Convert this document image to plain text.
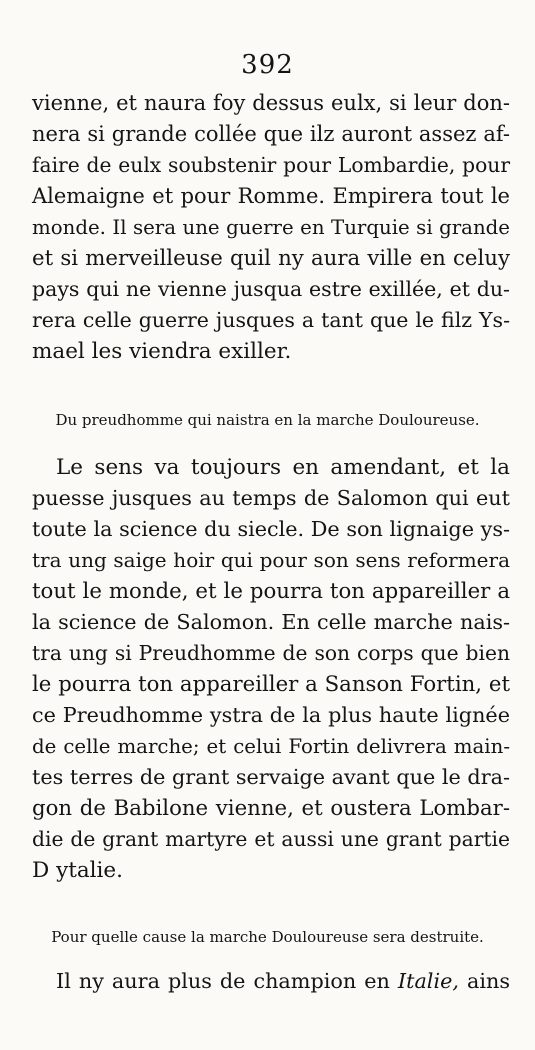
392
vienne, et naura foy dessus eulx, si leur don-
nera si grande collée que ilz auront assez af-
faire de eulx soubstenir pour Lombardie, pour
Alemaigne et pour Romme. Empirera tout le
monde. Il sera une guerre en Turquie si grande
et si merveilleuse quil ny aura ville en celuy
pays qui ne vienne jusqua estre exillée, et du-
rera celle guerre jusques a tant que le filz Ys-
mael les viendra exiller.

Du preudhomme qui naistra en la marche Douloureuse.

Le sens va toujours en amendant, et la
puesse jusques au temps de Salomon qui eut
toute la science du siecle. De son lignaige ys-
tra ung saige hoir qui pour son sens reformera
tout le monde, et le pourra ton appareiller a
la science de Salomon. En celle marche nais-
tra ung si Preudhomme de son corps que bien
le pourra ton appareiller a Sanson Fortin, et
ce Preudhomme ystra de la plus haute lignée
de celle marche; et celui Fortin delivrera main-
tes terres de grant servaige avant que le dra-
gon de Babilone vienne, et oustera Lombar-
die de grant martyre et aussi une grant partie
D ytalie.

Pour quelle cause la marche Douloureuse sera destruite.

Il ny aura plus de champion en Italie, ains
